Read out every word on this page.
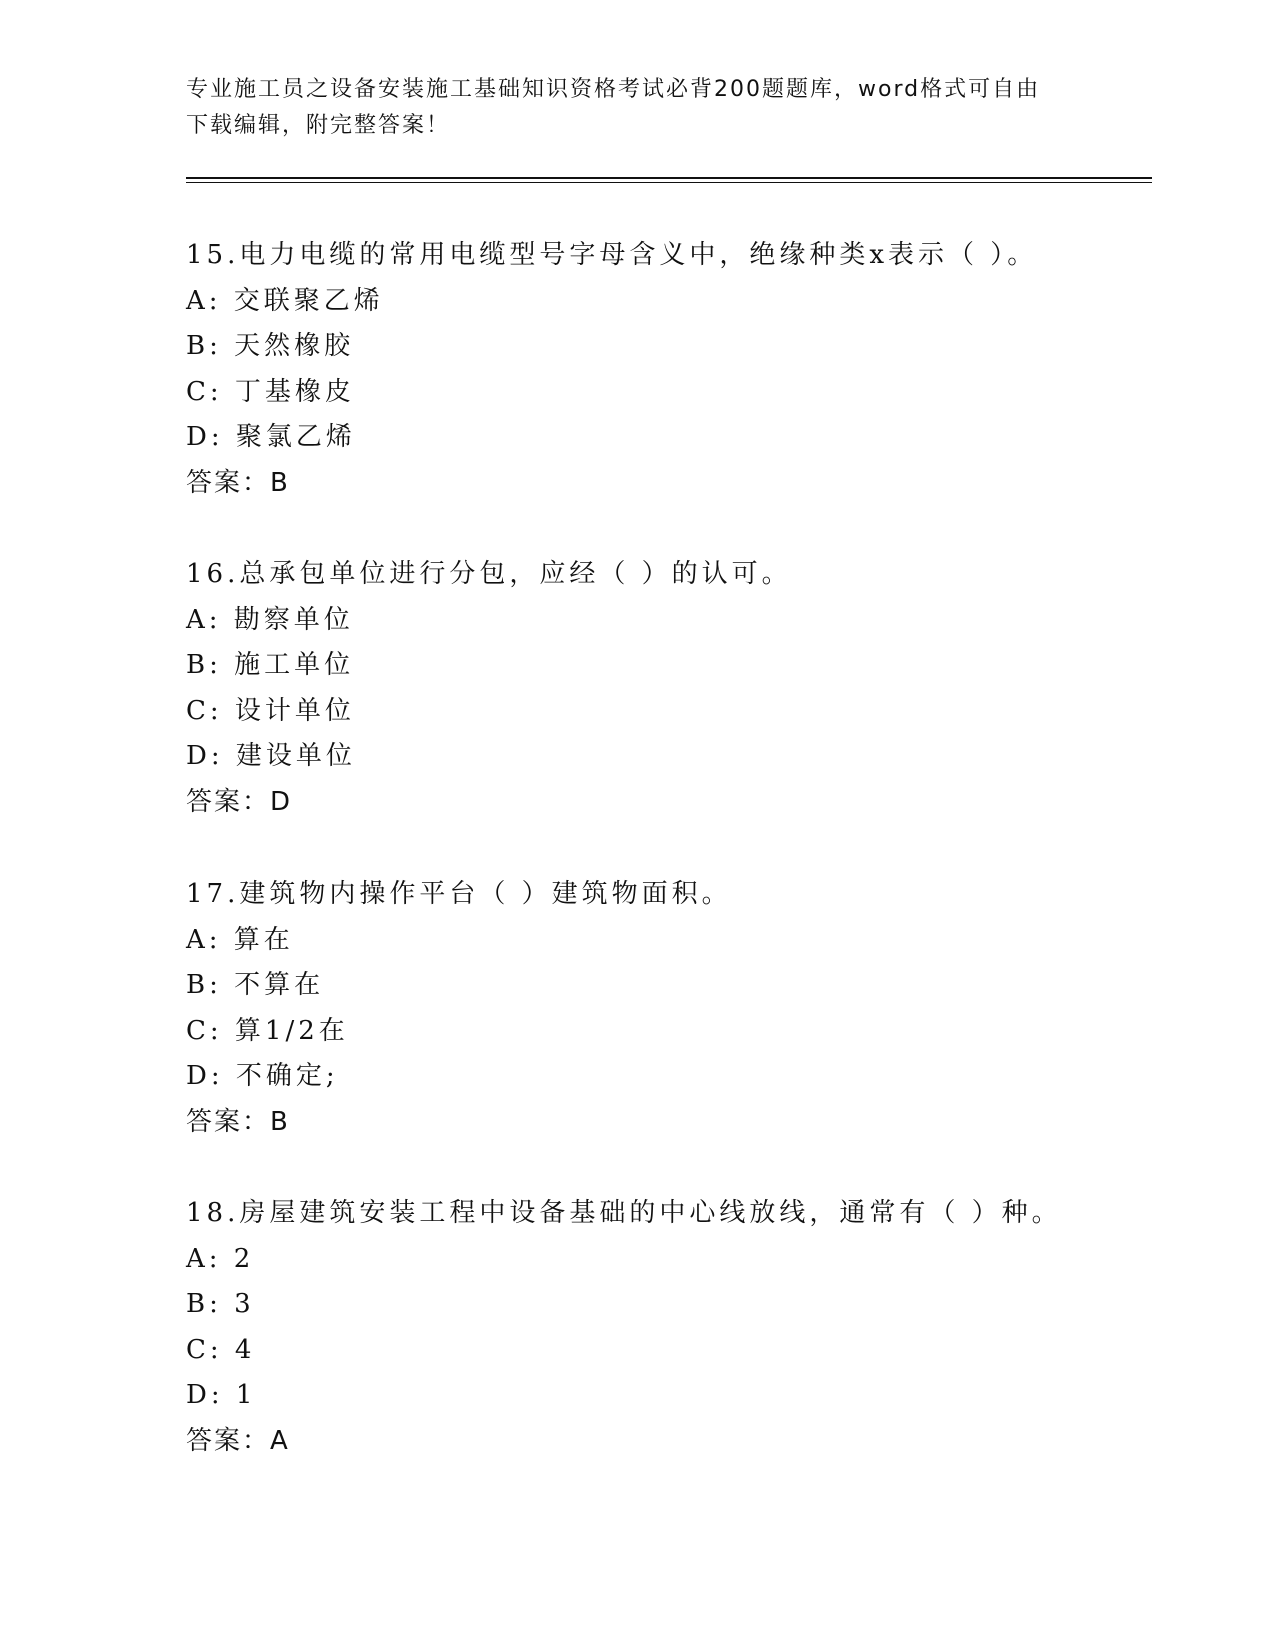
专业施工员之设备安装施工基础知识资格考试必背200题题库，word格式可自由
下载编辑，附完整答案！
15.电力电缆的常用电缆型号字母含义中，绝缘种类x表示（ ）。
A: 交联聚乙烯
B: 天然橡胶
C: 丁基橡皮
D: 聚氯乙烯
答案：B
16.总承包单位进行分包，应经（ ）的认可。
A: 勘察单位
B: 施工单位
C: 设计单位
D: 建设单位
答案：D
17.建筑物内操作平台（ ）建筑物面积。
A: 算在
B: 不算在
C: 算1/2在
D: 不确定;
答案：B
18.房屋建筑安装工程中设备基础的中心线放线，通常有（ ）种。
A: 2
B: 3
C: 4
D: 1
答案：A
